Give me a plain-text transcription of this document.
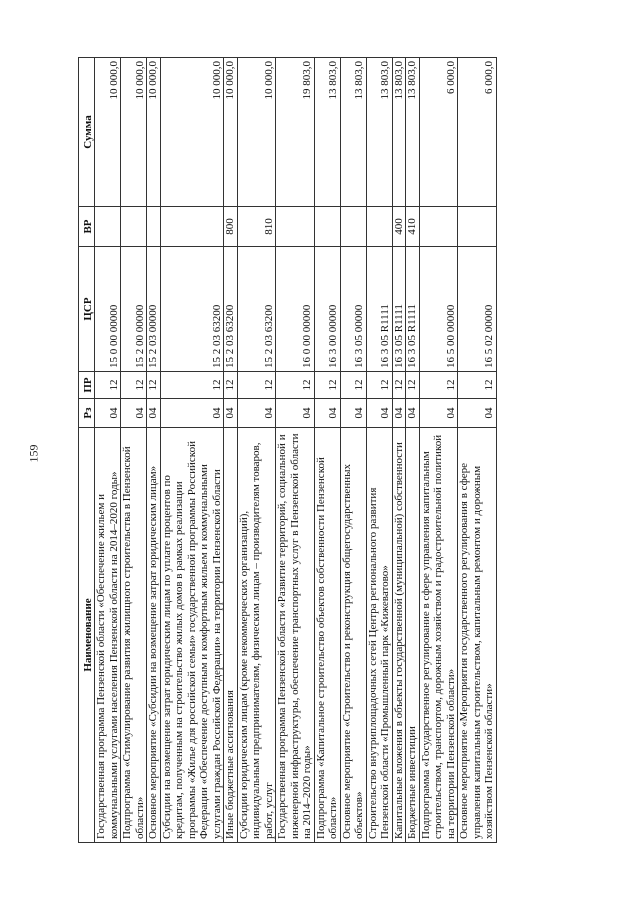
159
Наименование	Рз	ПР	ЦСР	ВР	Сумма
Государственная программа Пензенской области «Обеспечение жильем и коммунальными услугами населения Пензенской области на 2014–2020 годы»	04	12	15 0 00 00000		10 000,0
Подпрограмма «Стимулирование развития жилищного строительства в Пензенской области»	04	12	15 2 00 00000		10 000,0
Основное мероприятие «Субсидии на возмещение затрат юридическим лицам»	04	12	15 2 03 00000		10 000,0
Субсидии на возмещение затрат юридическим лицам по уплате процентов по кредитам, полученным на строительство жилых домов в рамках реализации программы «Жилье для российской семьи» государственной программы Российской Федерации «Обеспечение доступным и комфортным жильем и коммунальными услугами граждан Российской Федерации» на территории Пензенской области	04	12	15 2 03 63200		10 000,0
Иные бюджетные ассигнования	04	12	15 2 03 63200	800	10 000,0
Субсидии юридическим лицам (кроме некоммерческих организаций), индивидуальным предпринимателям, физическим лицам – производителям товаров, работ, услуг	04	12	15 2 03 63200	810	10 000,0
Государственная программа Пензенской области «Развитие территорий, социальной и инженерной инфраструктуры, обеспечение транспортных услуг в Пензенской области на 2014–2020 годы»	04	12	16 0 00 00000		19 803,0
Подпрограмма «Капитальное строительство объектов собственности Пензенской области»	04	12	16 3 00 00000		13 803,0
Основное мероприятие «Строительство и реконструкция общегосударственных объектов»	04	12	16 3 05 00000		13 803,0
Строительство внутриплощадочных сетей Центра регионального развития Пензенской области «Промышленный парк «Кижеватово»	04	12	16 3 05 R1111		13 803,0
Капитальные вложения в объекты государственной (муниципальной) собственности	04	12	16 3 05 R1111	400	13 803,0
Бюджетные инвестиции	04	12	16 3 05 R1111	410	13 803,0
Подпрограмма «Государственное регулирование в сфере управления капитальным строительством, транспортом, дорожным хозяйством и градостроительной политикой на территории Пензенской области»	04	12	16 5 00 00000		6 000,0
Основное мероприятие «Мероприятия государственного регулирования в сфере управления капитальным строительством, капитальным ремонтом и дорожным хозяйством Пензенской области»	04	12	16 5 02 00000		6 000,0
